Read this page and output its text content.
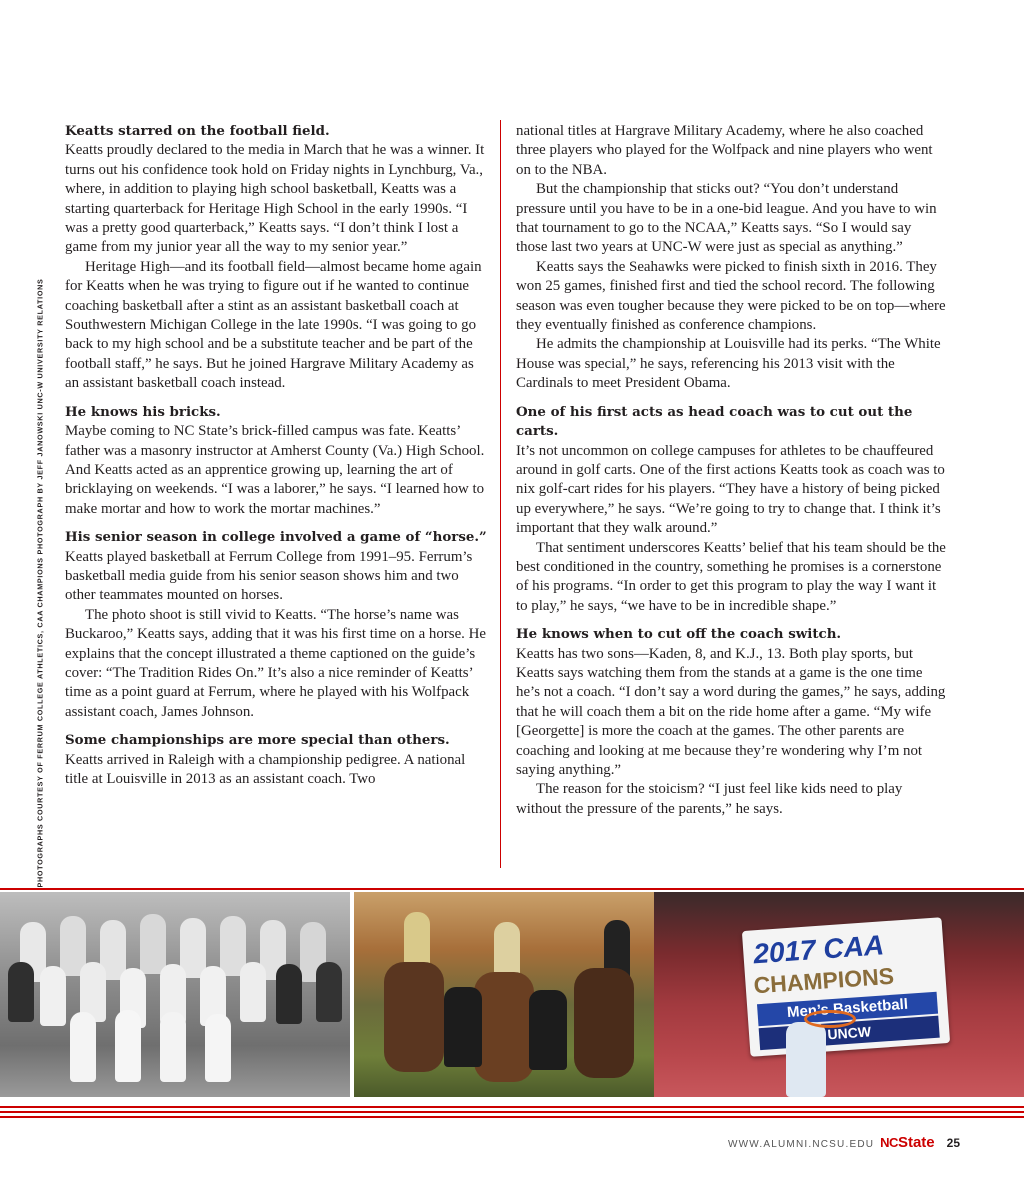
PHOTOGRAPHS COURTESY OF FERRUM COLLEGE ATHLETICS, CAA CHAMPIONS PHOTOGRAPH BY JEFF JANOWSKI UNC-W UNIVERSITY RELATIONS
Keatts starred on the football field.

Keatts proudly declared to the media in March that he was a winner. It turns out his confidence took hold on Friday nights in Lynchburg, Va., where, in addition to playing high school basketball, Keatts was a starting quarterback for Heritage High School in the early 1990s. “I was a pretty good quarterback,” Keatts says. “I don’t think I lost a game from my junior year all the way to my senior year.”

Heritage High—and its football field—almost became home again for Keatts when he was trying to figure out if he wanted to continue coaching basketball after a stint as an assistant basketball coach at Southwestern Michigan College in the late 1990s. “I was going to go back to my high school and be a substitute teacher and be part of the football staff,” he says. But he joined Hargrave Military Academy as an assistant basketball coach instead.

He knows his bricks.

Maybe coming to NC State’s brick-filled campus was fate. Keatts’ father was a masonry instructor at Amherst County (Va.) High School. And Keatts acted as an apprentice growing up, learning the art of bricklaying on weekends. “I was a laborer,” he says. “I learned how to make mortar and how to work the mortar machines.”

His senior season in college involved a game of “horse.”

Keatts played basketball at Ferrum College from 1991–95. Ferrum’s basketball media guide from his senior season shows him and two other teammates mounted on horses.

The photo shoot is still vivid to Keatts. “The horse’s name was Buckaroo,” Keatts says, adding that it was his first time on a horse. He explains that the concept illustrated a theme captioned on the guide’s cover: “The Tradition Rides On.” It’s also a nice reminder of Keatts’ time as a point guard at Ferrum, where he played with his Wolfpack assistant coach, James Johnson.

Some championships are more special than others.

Keatts arrived in Raleigh with a championship pedigree. A national title at Louisville in 2013 as an assistant coach. Two

national titles at Hargrave Military Academy, where he also coached three players who played for the Wolfpack and nine players who went on to the NBA.

But the championship that sticks out? “You don’t understand pressure until you have to be in a one-bid league. And you have to win that tournament to go to the NCAA,” Keatts says. “So I would say those last two years at UNC-W were just as special as anything.”

Keatts says the Seahawks were picked to finish sixth in 2016. They won 25 games, finished first and tied the school record. The following season was even tougher because they were picked to be on top—where they eventually finished as conference champions.

He admits the championship at Louisville had its perks. “The White House was special,” he says, referencing his 2013 visit with the Cardinals to meet President Obama.

One of his first acts as head coach was to cut out the carts.

It’s not uncommon on college campuses for athletes to be chauffeured around in golf carts. One of the first actions Keatts took as coach was to nix golf-cart rides for his players. “They have a history of being picked up everywhere,” he says. “We’re going to try to change that. I think it’s important that they walk around.”

That sentiment underscores Keatts’ belief that his team should be the best conditioned in the country, something he promises is a cornerstone of his programs. “In order to get this program to play the way I want it to play,” he says, “we have to be in incredible shape.”

He knows when to cut off the coach switch.

Keatts has two sons—Kaden, 8, and K.J., 13. Both play sports, but Keatts says watching them from the stands at a game is the one time he’s not a coach. “I don’t say a word during the games,” he says, adding that he will coach them a bit on the ride home after a game. “My wife [Georgette] is more the coach at the games. The other parents are coaching and looking at me because they’re wondering why I’m not saying anything.”

The reason for the stoicism? “I just feel like kids need to play without the pressure of the parents,” he says.

2017 CAA
CHAMPIONS
Men’s Basketball
UNCW
WWW.ALUMNI.NCSU.EDU NC State 25
